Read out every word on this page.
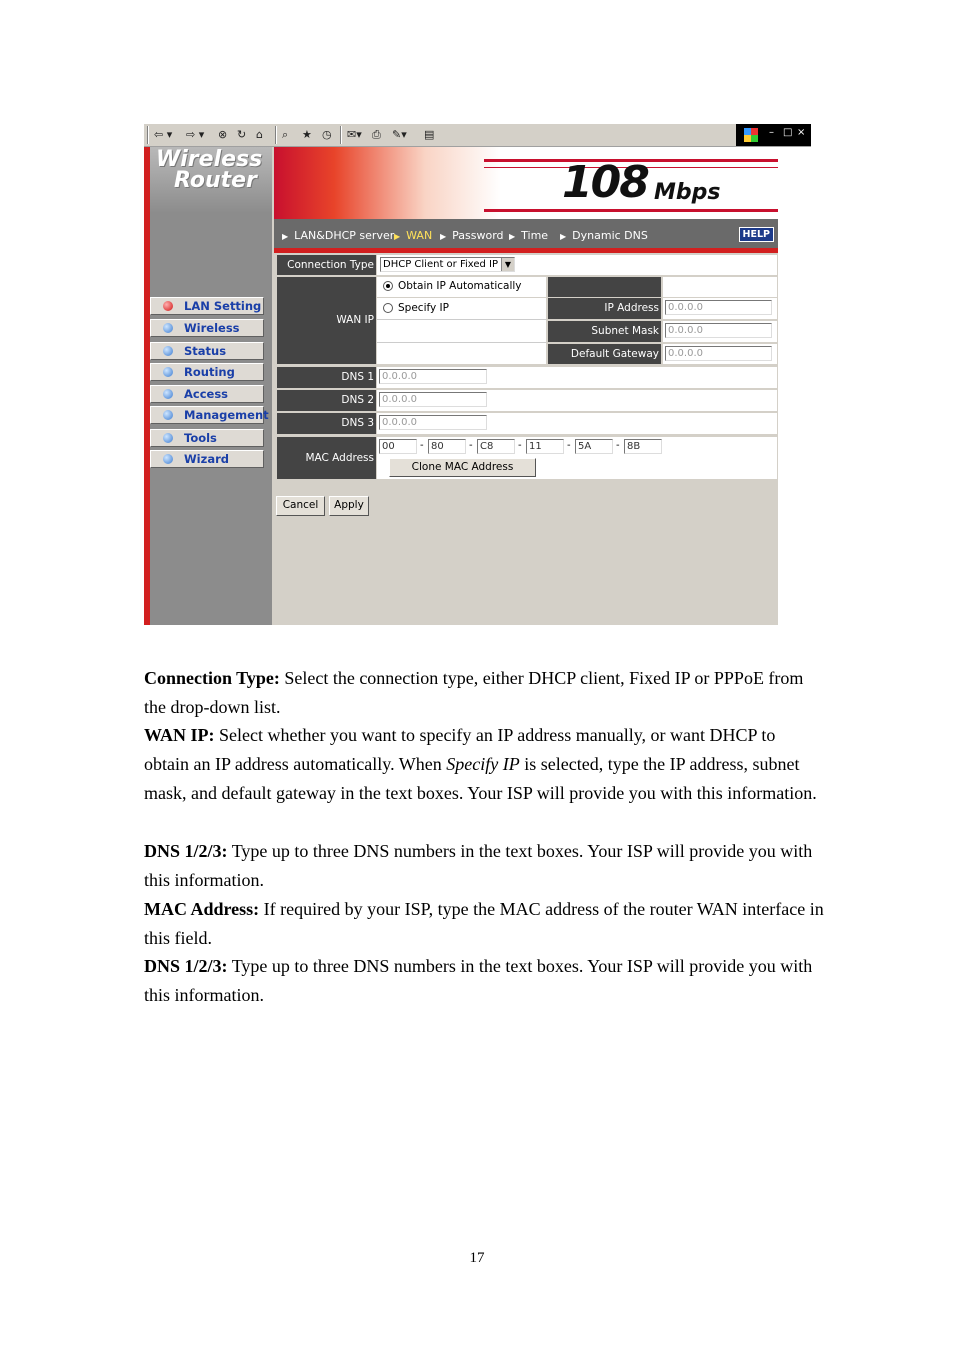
⇦ ▾ ⇨ ▾ ⊗ ↻ ⌂ ⌕ ★ ◷ ✉▾ ⎙ ✎▾ ▤	– □ ×
Wireless
Router
LAN Setting
Wireless
Status
Routing
Access
Management
Tools
Wizard
108 Mbps
▶ LAN&DHCP server	▶ WAN	▶ Password	▶ Time	▶ Dynamic DNS	HELP
Connection Type DHCP Client or Fixed IP ▼
WAN IP
Obtain IP Automatically
Specify IP	IP Address 0.0.0.0
Subnet Mask 0.0.0.0
Default Gateway 0.0.0.0
DNS 1 0.0.0.0
DNS 2 0.0.0.0
DNS 3 0.0.0.0
MAC Address
00	- 80	- C8	- 11	- 5A	- 8B
Clone MAC Address
Cancel	Apply
Connection Type: Select the connection type, either DHCP client, Fixed IP or PPPoE from the drop-down list.
WAN IP: Select whether you want to specify an IP address manually, or want DHCP to obtain an IP address automatically. When Specify IP is selected, type the IP address, subnet mask, and default gateway in the text boxes. Your ISP will provide you with this information.
DNS 1/2/3: Type up to three DNS numbers in the text boxes. Your ISP will provide you with this information.
MAC Address: If required by your ISP, type the MAC address of the router WAN interface in this field.
DNS 1/2/3: Type up to three DNS numbers in the text boxes. Your ISP will provide you with this information.
17
